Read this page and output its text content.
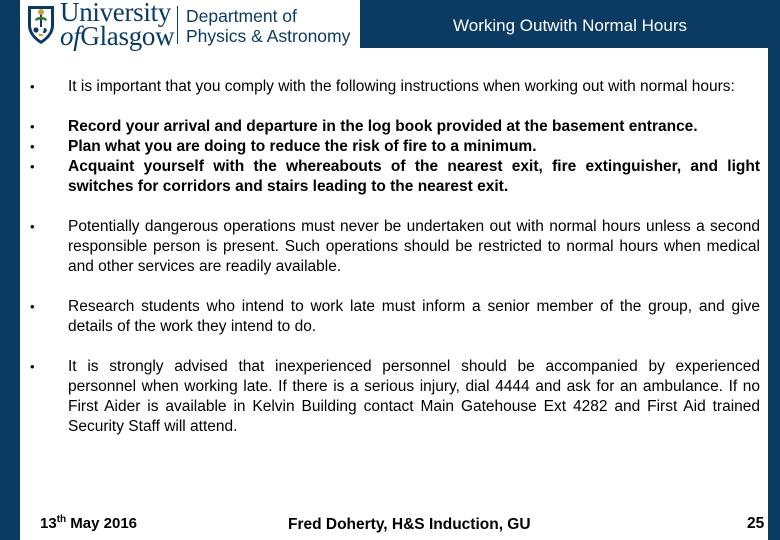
University
ofGlasgow
Department of
Physics & Astronomy
Working Outwith Normal Hours
•	It is important that you comply with the following instructions when working out with normal hours:
•	Record your arrival and departure in the log book provided at the basement entrance.
•	Plan what you are doing to reduce the risk of fire to a minimum.
•	Acquaint yourself with the whereabouts of the nearest exit, fire extinguisher, and light switches for corridors and stairs leading to the nearest exit.
•	Potentially dangerous operations must never be undertaken out with normal hours unless a second responsible person is present. Such operations should be restricted to normal hours when medical and other services are readily available.
•	Research students who intend to work late must inform a senior member of the group, and give details of the work they intend to do.
•	It is strongly advised that inexperienced personnel should be accompanied by experienced personnel when working late. If there is a serious injury, dial 4444 and ask for an ambulance. If no First Aider is available in Kelvin Building contact Main Gatehouse Ext 4282 and First Aid trained Security Staff will attend.
13th May 2016	Fred Doherty, H&S Induction, GU	25
